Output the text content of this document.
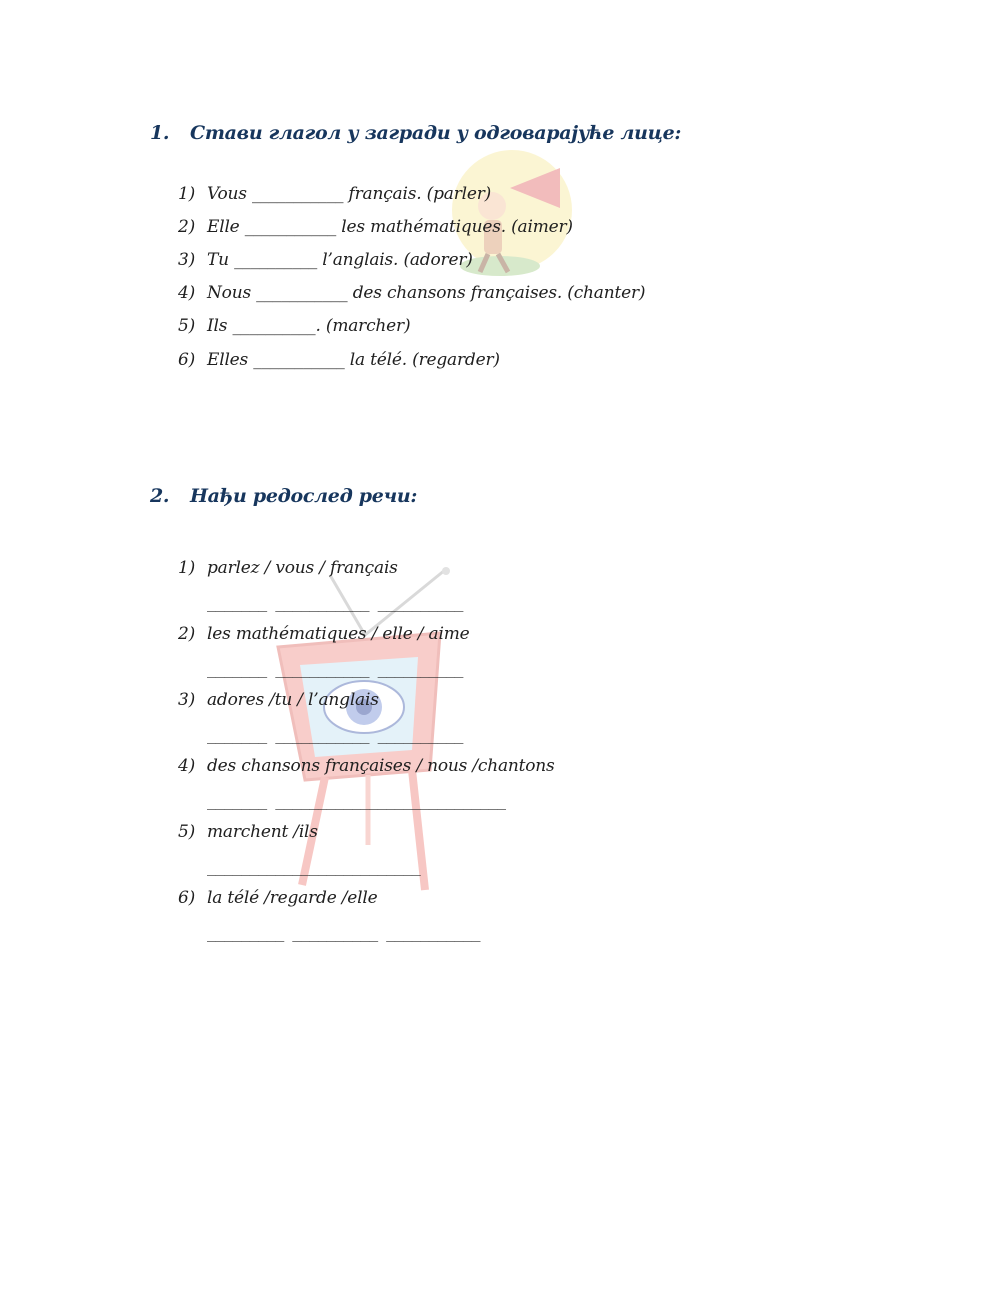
1. Стави глагол у загради у одговарајуће лице:
1) Vous ___________ français. (parler)
2) Elle ___________ les mathématiques. (aimer)
3) Tu __________ l’anglais. (adorer)
4) Nous ___________ des chansons françaises. (chanter)
5) Ils __________. (marcher)
6) Elles ___________ la télé. (regarder)
2. Нађи редослед речи:
1) parlez / vous / français
_______ ___________ __________
2) les mathématiques / elle / aime
_______ ___________ __________
3) adores /tu / l’anglais
_______ ___________ __________
4) des chansons françaises / nous /chantons
_______ ___________________________
5) marchent /ils
_________________________
6) la télé /regarde /elle
_________ __________ ___________
